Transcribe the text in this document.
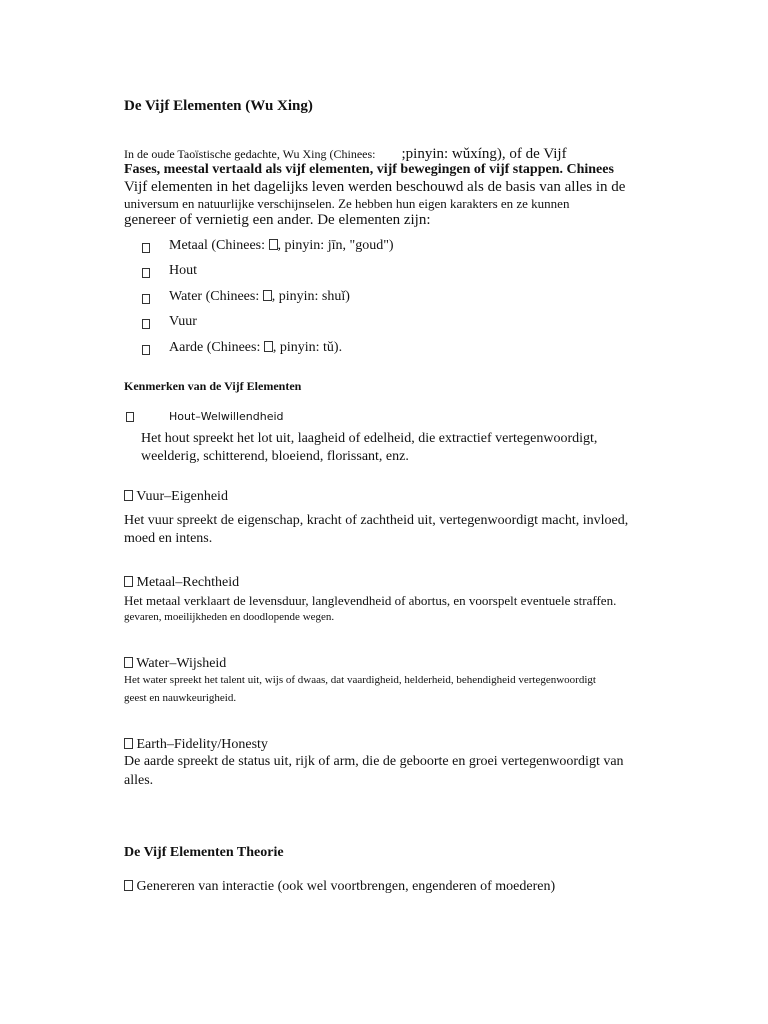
De Vijf Elementen (Wu Xing)
In de oude Taoïstische gedachte, Wu Xing (Chinees: ;pinyin: wǔxíng), of de Vijf
Fases, meestal vertaald als vijf elementen, vijf bewegingen of vijf stappen. Chinees
Vijf elementen in het dagelijks leven werden beschouwd als de basis van alles in de
universum en natuurlijke verschijnselen. Ze hebben hun eigen karakters en ze kunnen
genereer of vernietig een ander. De elementen zijn:
Metaal (Chinees: , pinyin: jīn, "goud")
Hout
Water (Chinees: , pinyin: shuǐ)
Vuur
Aarde (Chinees: , pinyin: tǔ).
Kenmerken van de Vijf Elementen
Hout–Welwillendheid
Het hout spreekt het lot uit, laagheid of edelheid, die extractief vertegenwoordigt,
weelderig, schitterend, bloeiend, florissant, enz.
Vuur–Eigenheid
Het vuur spreekt de eigenschap, kracht of zachtheid uit, vertegenwoordigt macht, invloed,
moed en intens.
Metaal–Rechtheid
Het metaal verklaart de levensduur, langlevendheid of abortus, en voorspelt eventuele straffen.
gevaren, moeilijkheden en doodlopende wegen.
Water–Wijsheid
Het water spreekt het talent uit, wijs of dwaas, dat vaardigheid, helderheid, behendigheid vertegenwoordigt
geest en nauwkeurigheid.
Earth–Fidelity/Honesty
De aarde spreekt de status uit, rijk of arm, die de geboorte en groei vertegenwoordigt van
alles.
De Vijf Elementen Theorie
Genereren van interactie (ook wel voortbrengen, engenderen of moederen)
